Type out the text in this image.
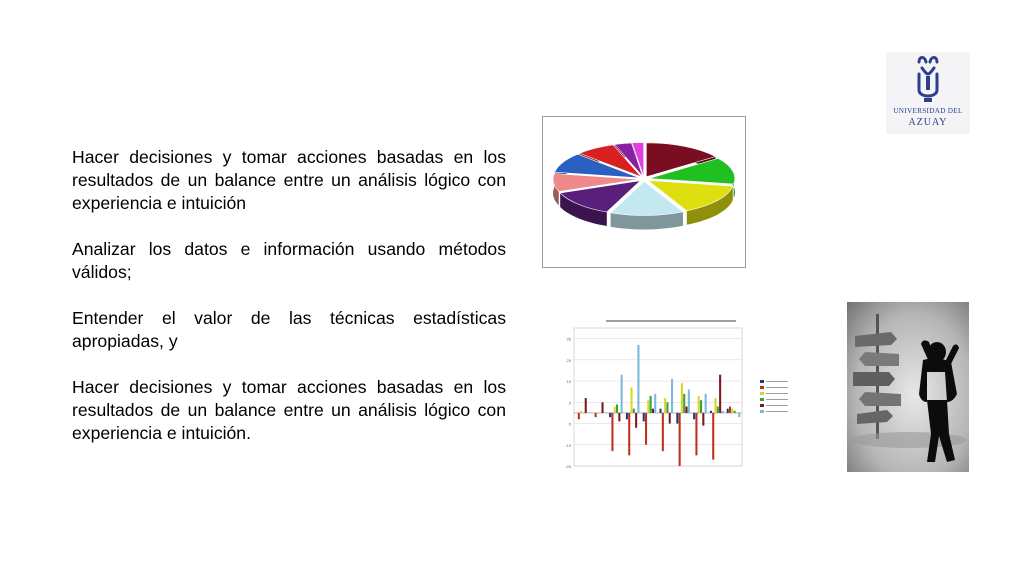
Hacer decisiones y tomar acciones basadas en los resultados de un balance entre un análisis lógico con experiencia e intuición

Analizar los datos e información usando métodos válidos;

Entender el valor de las técnicas estadísticas apropiadas, y

Hacer decisiones y tomar acciones basadas en los resultados de un balance entre un análisis lógico con experiencia e intuición.

UNIVERSIDAD DEL
AZUAY
-25
-15
-5
5
15
25
35
